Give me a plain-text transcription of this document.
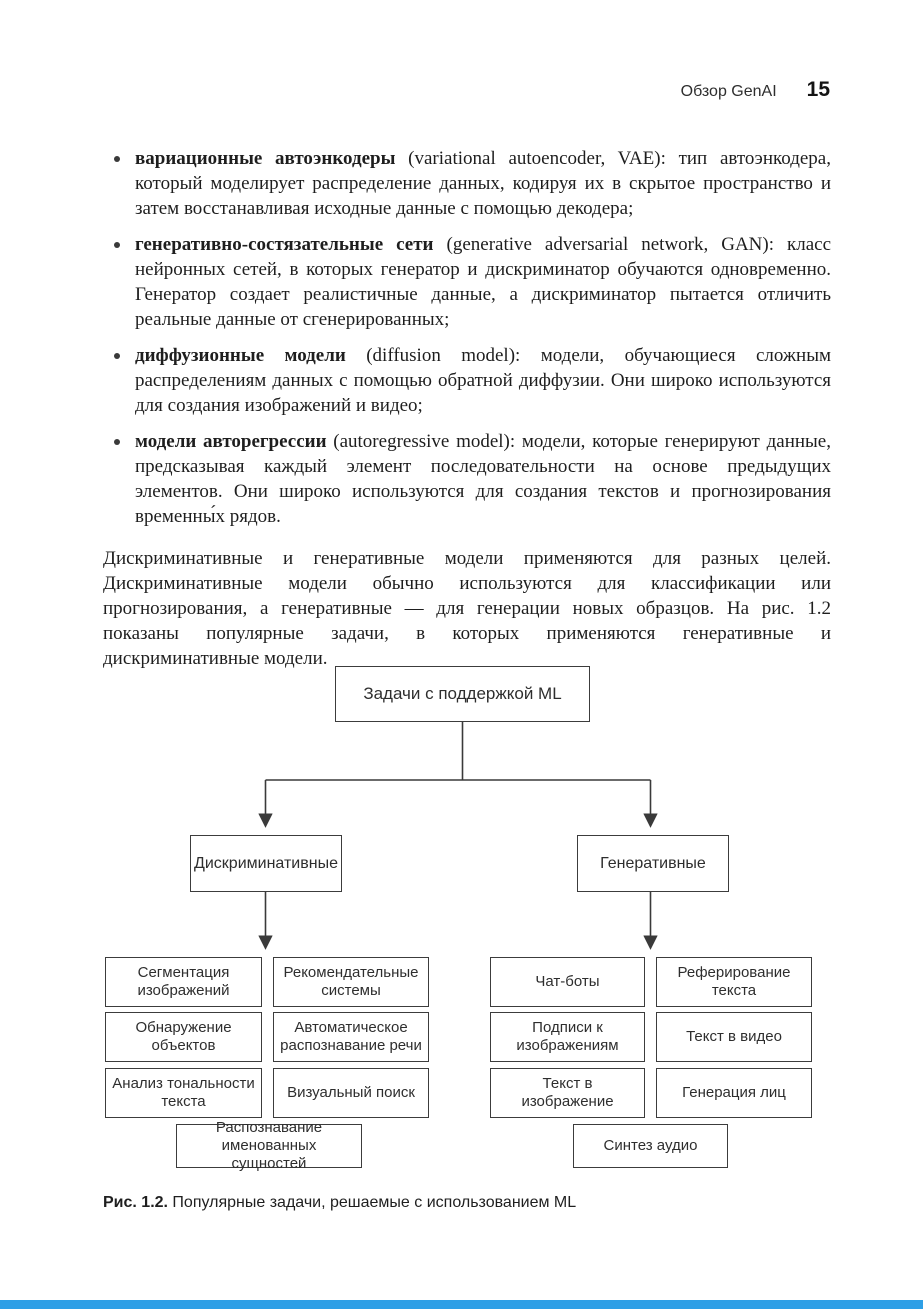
Обзор GenAI 15
вариационные автоэнкодеры (variational autoencoder, VAE): тип автоэнкодера, который моделирует распределение данных, кодируя их в скрытое пространство и затем восстанавливая исходные данные с помощью декодера;
генеративно-состязательные сети (generative adversarial network, GAN): класс нейронных сетей, в которых генератор и дискриминатор обучаются одновременно. Генератор создает реалистичные данные, а дискриминатор пытается отличить реальные данные от сгенерированных;
диффузионные модели (diffusion model): модели, обучающиеся сложным распределениям данных с помощью обратной диффузии. Они широко используются для создания изображений и видео;
модели авторегрессии (autoregressive model): модели, которые генерируют данные, предсказывая каждый элемент последовательности на основе предыдущих элементов. Они широко используются для создания текстов и прогнозирования временны́х рядов.

Дискриминативные и генеративные модели применяются для разных целей. Дискриминативные модели обычно используются для классификации или прогнозирования, а генеративные — для генерации новых образцов. На рис. 1.2 показаны популярные задачи, в которых применяются генеративные и дискриминативные модели.

Задачи с поддержкой ML
Дискриминативные	Генеративные
Сегментация изображений
Рекомендательные системы
Обнаружение объектов
Автоматическое распознавание речи
Анализ тональности текста
Визуальный поиск
Распознавание именованных сущностей
Чат-боты
Реферирование текста
Подписи к изображениям
Текст в видео
Текст в изображение
Генерация лиц
Синтез аудио
Рис. 1.2. Популярные задачи, решаемые с использованием ML
